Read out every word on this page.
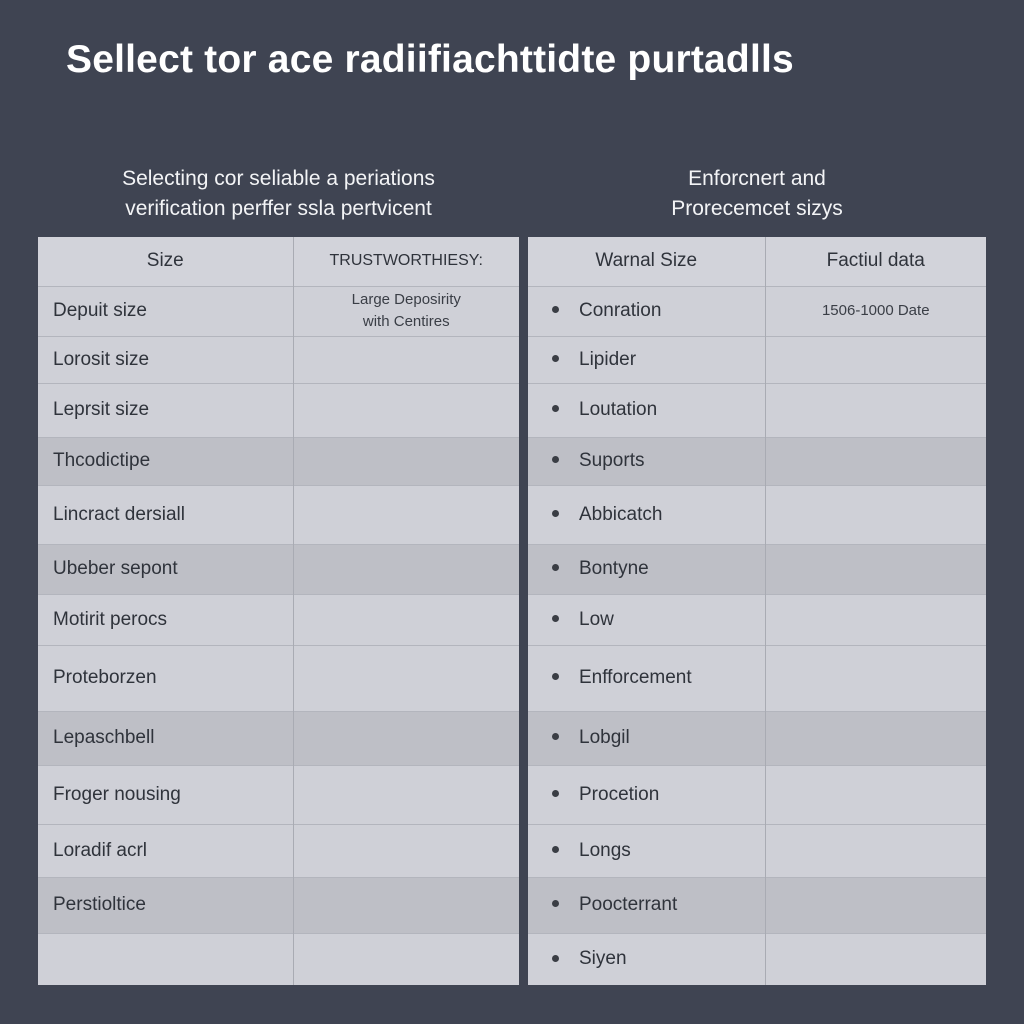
Sellect tor ace radiifiachttidte purtadlls
Selecting cor seliable a periations
verification perffer ssla pertvicent
Enforcnert and
Prorecemcet sizys
Size	TRUSTWORTHIESY:
Depuit size	Large Deposirity
with Centires

Lorosit size	
Leprsit size	
Thcodictipe	
Lincract dersiall	
Ubeber sepont	
Motirit perocs	
Proteborzen	
Lepaschbell	
Froger nousing	
Loradif acrl	
Perstioltice	

Warnal Size	Factiul data
Conration	1506-1000 Date
Lipider	
Loutation	
Suports	
Abbicatch	
Bontyne	
Low	
Enfforcement	
Lobgil	
Procetion	
Longs	
Poocterrant	
Siyen	
